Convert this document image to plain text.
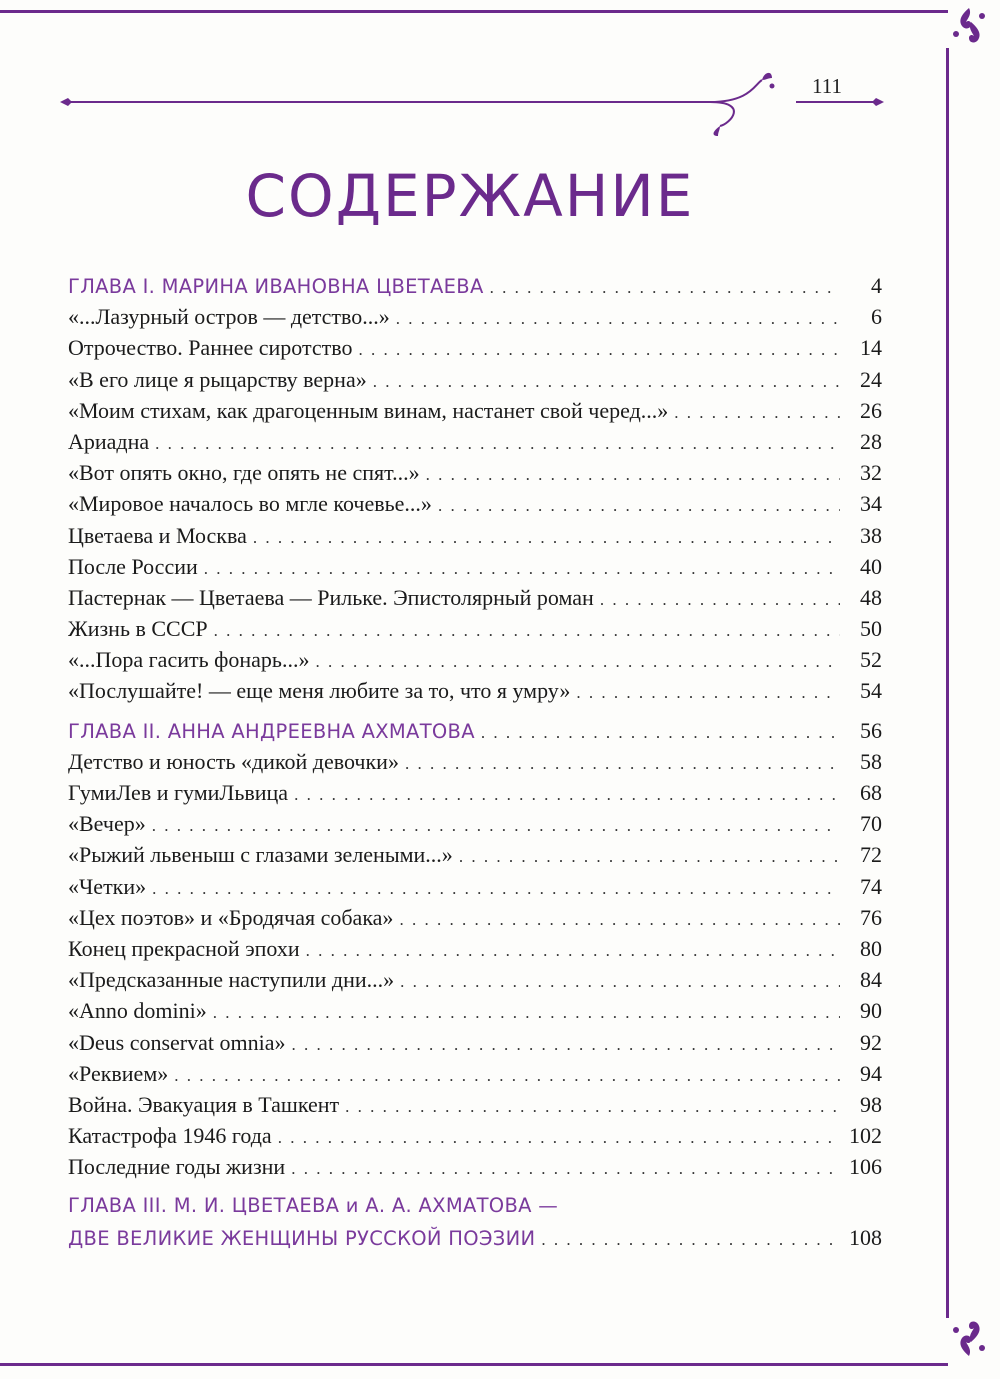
111
СОДЕРЖАНИЕ
ГЛАВА I. МАРИНА ИВАНОВНА ЦВЕТАЕВА . . .	4
«...Лазурный остров — детство...» . . .	6
Отрочество. Раннее сиротство . . .	14
«В его лице я рыцарству верна» . . .	24
«Моим стихам, как драгоценным винам, настанет свой черед...» . . .	26
Ариадна . . .	28
«Вот опять окно, где опять не спят...» . . .	32
«Мировое началось во мгле кочевье...» . . .	34
Цветаева и Москва . . .	38
После России . . .	40
Пастернак — Цветаева — Рильке. Эпистолярный роман . . .	48
Жизнь в СССР . . .	50
«...Пора гасить фонарь...» . . .	52
«Послушайте! — еще меня любите за то, что я умру» . . .	54
ГЛАВА II. АННА АНДРЕЕВНА АХМАТОВА . . .	56
Детство и юность «дикой девочки» . . .	58
ГумиЛев и гумиЛьвица . . .	68
«Вечер» . . .	70
«Рыжий львеныш с глазами зелеными...» . . .	72
«Четки» . . .	74
«Цех поэтов» и «Бродячая собака» . . .	76
Конец прекрасной эпохи . . .	80
«Предсказанные наступили дни...» . . .	84
«Anno domini» . . .	90
«Deus conservat omnia» . . .	92
«Реквием» . . .	94
Война. Эвакуация в Ташкент . . .	98
Катастрофа 1946 года . . .	102
Последние годы жизни . . .	106
ГЛАВА III. М. И. ЦВЕТАЕВА и А. А. АХМАТОВА —
ДВЕ ВЕЛИКИЕ ЖЕНЩИНЫ РУССКОЙ ПОЭЗИИ . . .	108
